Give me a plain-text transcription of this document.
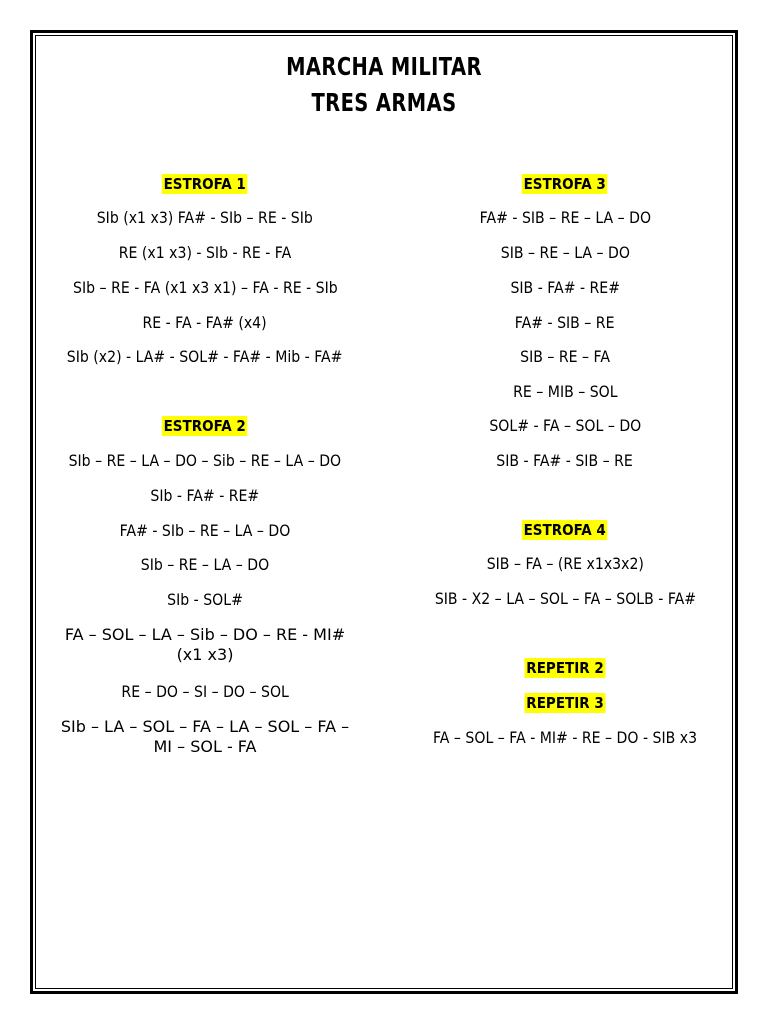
MARCHA MILITAR
TRES ARMAS
ESTROFA 1
SIb (x1 x3) FA# - SIb – RE - SIb
RE (x1 x3) - SIb - RE - FA
SIb – RE - FA (x1 x3 x1) – FA - RE - SIb
RE - FA - FA# (x4)
SIb (x2) - LA# - SOL# - FA# - Mib - FA#
ESTROFA 2
SIb – RE – LA – DO – Sib – RE – LA – DO
SIb - FA# - RE#
FA# - SIb – RE – LA – DO
SIb – RE – LA – DO
SIb - SOL#
FA – SOL – LA – Sib – DO – RE - MI# (x1 x3)
RE – DO – SI – DO – SOL
SIb – LA – SOL – FA – LA – SOL – FA – MI – SOL - FA
ESTROFA 3
FA# - SIB – RE – LA – DO
SIB – RE – LA – DO
SIB - FA# - RE#
FA# - SIB – RE
SIB – RE – FA
RE – MIB – SOL
SOL# - FA – SOL – DO
SIB - FA# - SIB – RE
ESTROFA 4
SIB – FA – (RE x1x3x2)
SIB - X2 – LA – SOL – FA – SOLB - FA#
REPETIR 2
REPETIR 3
FA – SOL – FA - MI# - RE – DO - SIB x3
